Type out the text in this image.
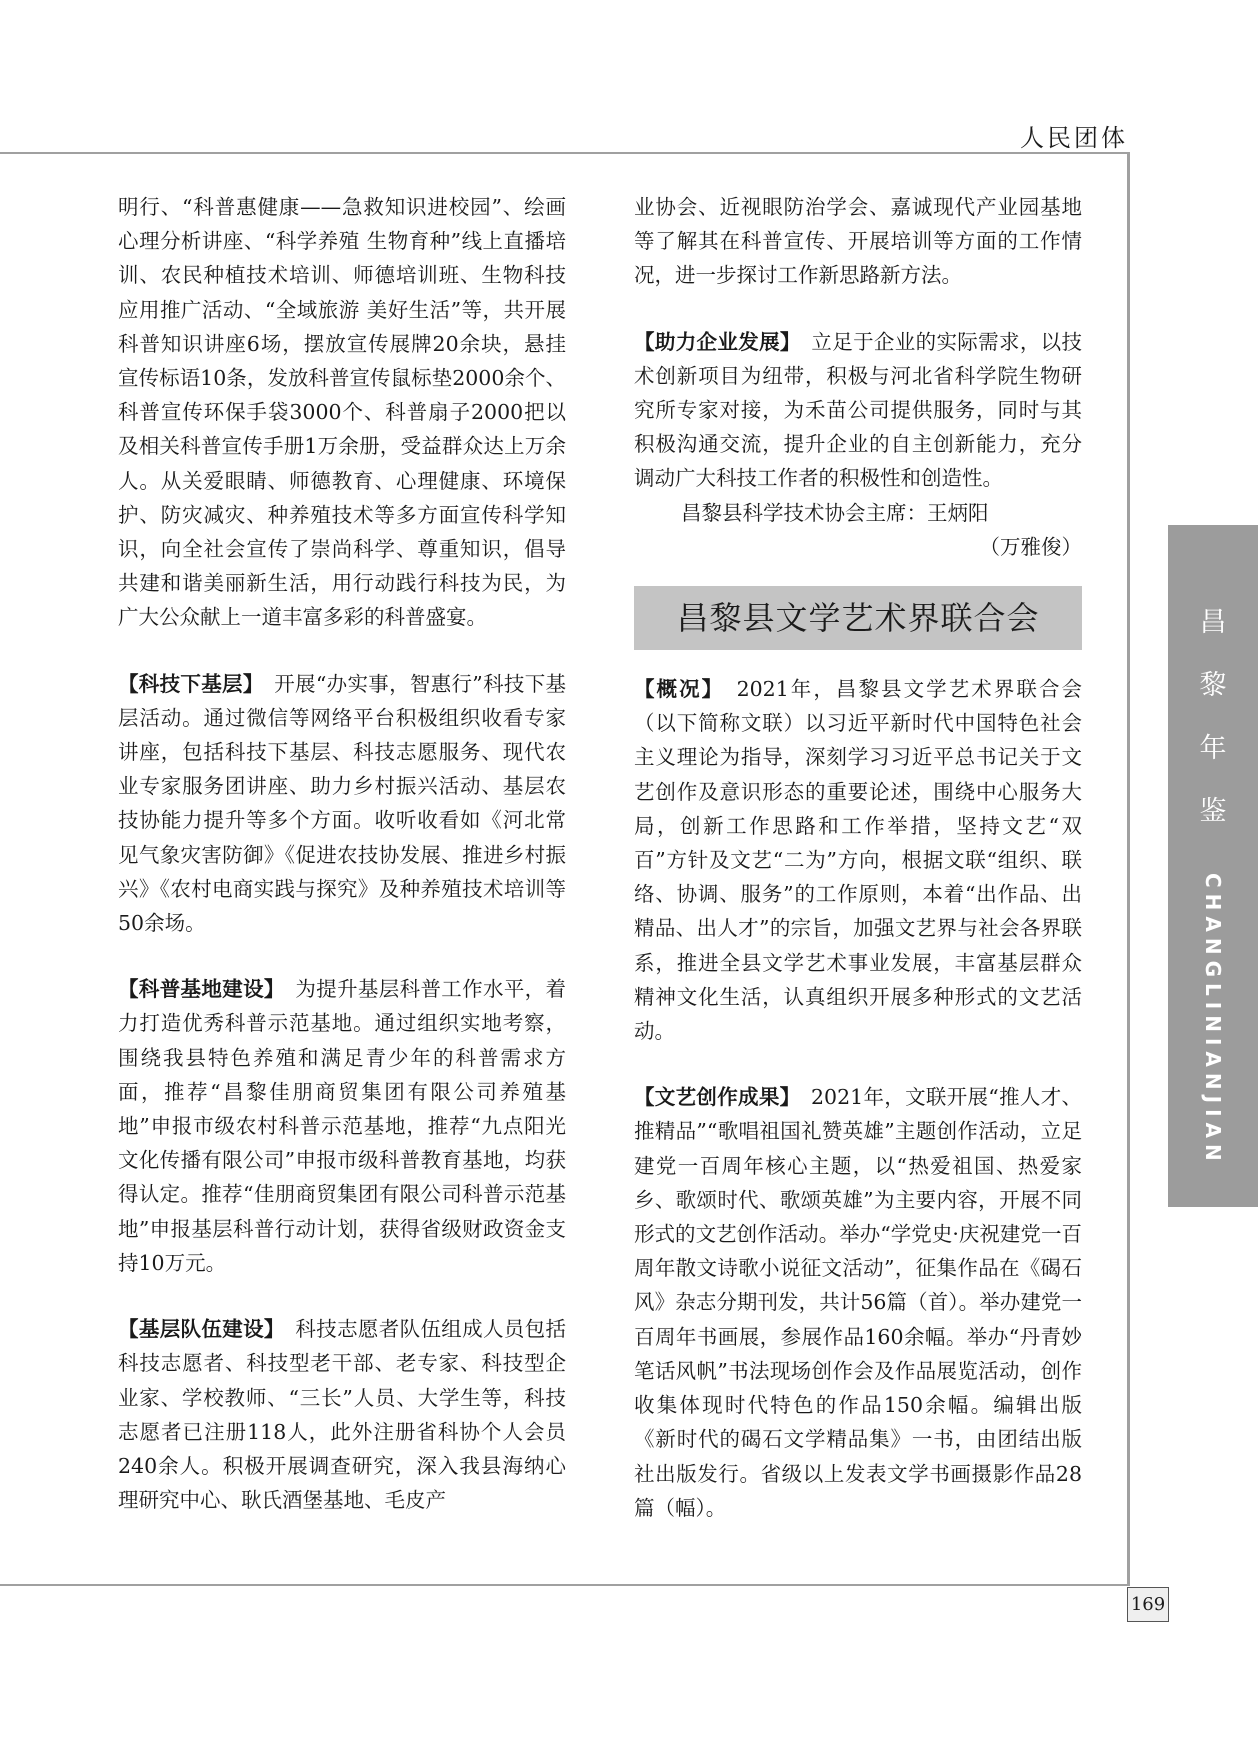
人民团体

明行、“科普惠健康——急救知识进校园”、绘画心理分析讲座、“科学养殖 生物育种”线上直播培训、农民种植技术培训、师德培训班、生物科技应用推广活动、“全域旅游 美好生活”等，共开展科普知识讲座6场，摆放宣传展牌20余块，悬挂宣传标语10条，发放科普宣传鼠标垫2000余个、科普宣传环保手袋3000个、科普扇子2000把以及相关科普宣传手册1万余册，受益群众达上万余人。从关爱眼睛、师德教育、心理健康、环境保护、防灾减灾、种养殖技术等多方面宣传科学知识，向全社会宣传了崇尚科学、尊重知识，倡导共建和谐美丽新生活，用行动践行科技为民，为广大公众献上一道丰富多彩的科普盛宴。

【科技下基层】　 开展“办实事，智惠行”科技下基层活动。通过微信等网络平台积极组织收看专家讲座，包括科技下基层、科技志愿服务、现代农业专家服务团讲座、助力乡村振兴活动、基层农技协能力提升等多个方面。收听收看如《河北常见气象灾害防御》《促进农技协发展、推进乡村振兴》《农村电商实践与探究》及种养殖技术培训等50余场。

【科普基地建设】　 为提升基层科普工作水平，着力打造优秀科普示范基地。通过组织实地考察，围绕我县特色养殖和满足青少年的科普需求方面，推荐“昌黎佳朋商贸集团有限公司养殖基地”申报市级农村科普示范基地，推荐“九点阳光文化传播有限公司”申报市级科普教育基地，均获得认定。推荐“佳朋商贸集团有限公司科普示范基地”申报基层科普行动计划，获得省级财政资金支持10万元。

【基层队伍建设】　 科技志愿者队伍组成人员包括科技志愿者、科技型老干部、老专家、科技型企业家、学校教师、“三长”人员、大学生等，科技志愿者已注册118人，此外注册省科协个人会员240余人。积极开展调查研究，深入我县海纳心理研究中心、耿氏酒堡基地、毛皮产

业协会、近视眼防治学会、嘉诚现代产业园基地等了解其在科普宣传、开展培训等方面的工作情况，进一步探讨工作新思路新方法。

【助力企业发展】　 立足于企业的实际需求，以技术创新项目为纽带，积极与河北省科学院生物研究所专家对接，为禾苗公司提供服务，同时与其积极沟通交流，提升企业的自主创新能力，充分调动广大科技工作者的积极性和创造性。

昌黎县科学技术协会主席：王炳阳

（万雅俊）

昌黎县文学艺术界联合会

【概况】　 2021年，昌黎县文学艺术界联合会（以下简称文联）以习近平新时代中国特色社会主义理论为指导，深刻学习习近平总书记关于文艺创作及意识形态的重要论述，围绕中心服务大局，创新工作思路和工作举措，坚持文艺“双百”方针及文艺“二为”方向，根据文联“组织、联络、协调、服务”的工作原则，本着“出作品、出精品、出人才”的宗旨，加强文艺界与社会各界联系，推进全县文学艺术事业发展，丰富基层群众精神文化生活，认真组织开展多种形式的文艺活动。

【文艺创作成果】　 2021年，文联开展“推人才、推精品”“歌唱祖国礼赞英雄”主题创作活动，立足建党一百周年核心主题，以“热爱祖国、热爱家乡、歌颂时代、歌颂英雄”为主要内容，开展不同形式的文艺创作活动。举办“学党史·庆祝建党一百周年散文诗歌小说征文活动”，征集作品在《碣石风》杂志分期刊发，共计56篇（首）。举办建党一百周年书画展，参展作品160余幅。举办“丹青妙笔话风帆”书法现场创作会及作品展览活动，创作收集体现时代特色的作品150余幅。编辑出版《新时代的碣石文学精品集》一书，由团结出版社出版发行。省级以上发表文学书画摄影作品28篇（幅）。

昌
黎
年
鉴
CHANGLINIANJIAN
169
